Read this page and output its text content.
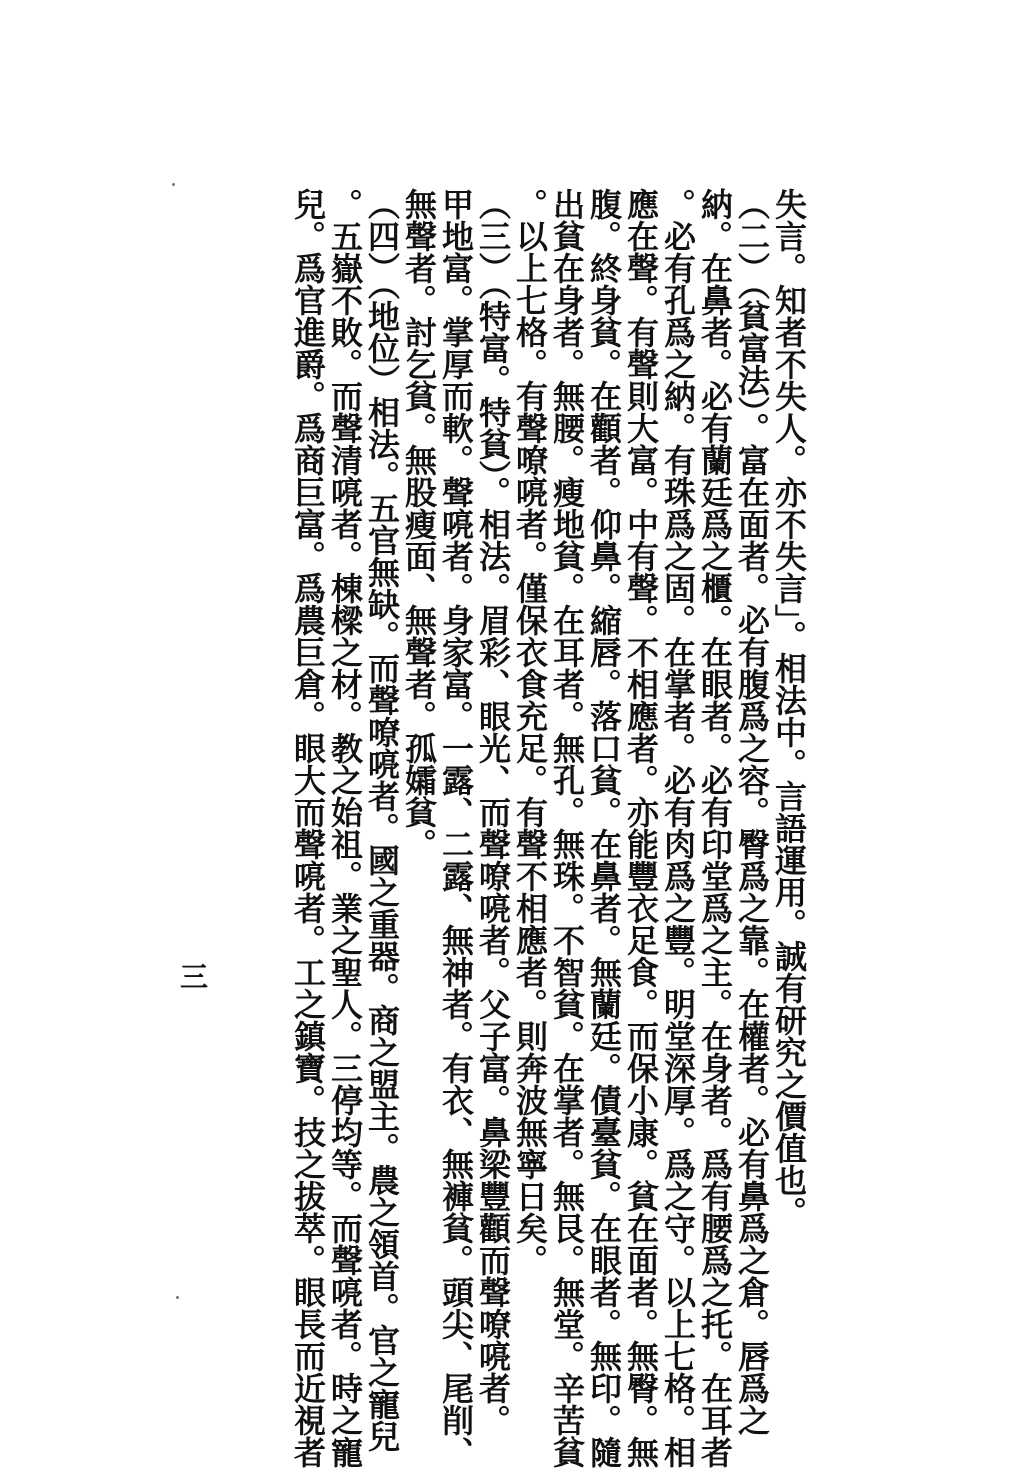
失言。知者不失人。亦不失言」。相法中。言語運用。誠有研究之價值也。
（二）（貧富法）。富在面者。必有腹爲之容。臀爲之靠。在權者。必有鼻爲之倉。唇爲之
納。在鼻者。必有蘭廷爲之櫃。在眼者。必有印堂爲之主。在身者。爲有腰爲之托。在耳者
。必有孔爲之納。有珠爲之固。在掌者。必有肉爲之豐。明堂深厚。爲之守。以上七格。相
應在聲。有聲則大富。中有聲。不相應者。亦能豐衣足食。而保小康。貧在面者。無臀。無
腹。終身貧。在顴者。仰鼻。縮唇。落口貧。在鼻者。無蘭廷。債臺貧。在眼者。無印。隨
出貧在身者。無腰。瘦地貧。在耳者。無孔。無珠。不智貧。在掌者。無艮。無堂。辛苦貧
。以上七格。有聲嘹喨者。僅保衣食充足。有聲不相應者。則奔波無寧日矣。
（三）（特富。特貧）。相法。眉彩、眼光、而聲嘹喨者。父子富。鼻梁豐顴而聲嘹喨者。
甲地富。掌厚而軟。聲喨者。身家富。一露、二露、無神者。有衣、無褲貧。頭尖、尾削、
無聲者。討乞貧。無股瘦面、無聲者。孤孀貧。
（四）（地位）相法。五官無缺。而聲嘹喨者。國之重器。商之盟主。農之領首。官之寵兒
。五嶽不敗。而聲清喨者。棟樑之材。教之始祖。業之聖人。三停均等。而聲喨者。時之寵
兒。爲官進爵。爲商巨富。爲農巨倉。眼大而聲喨者。工之鎮寶。技之拔萃。眼長而近視者
三
